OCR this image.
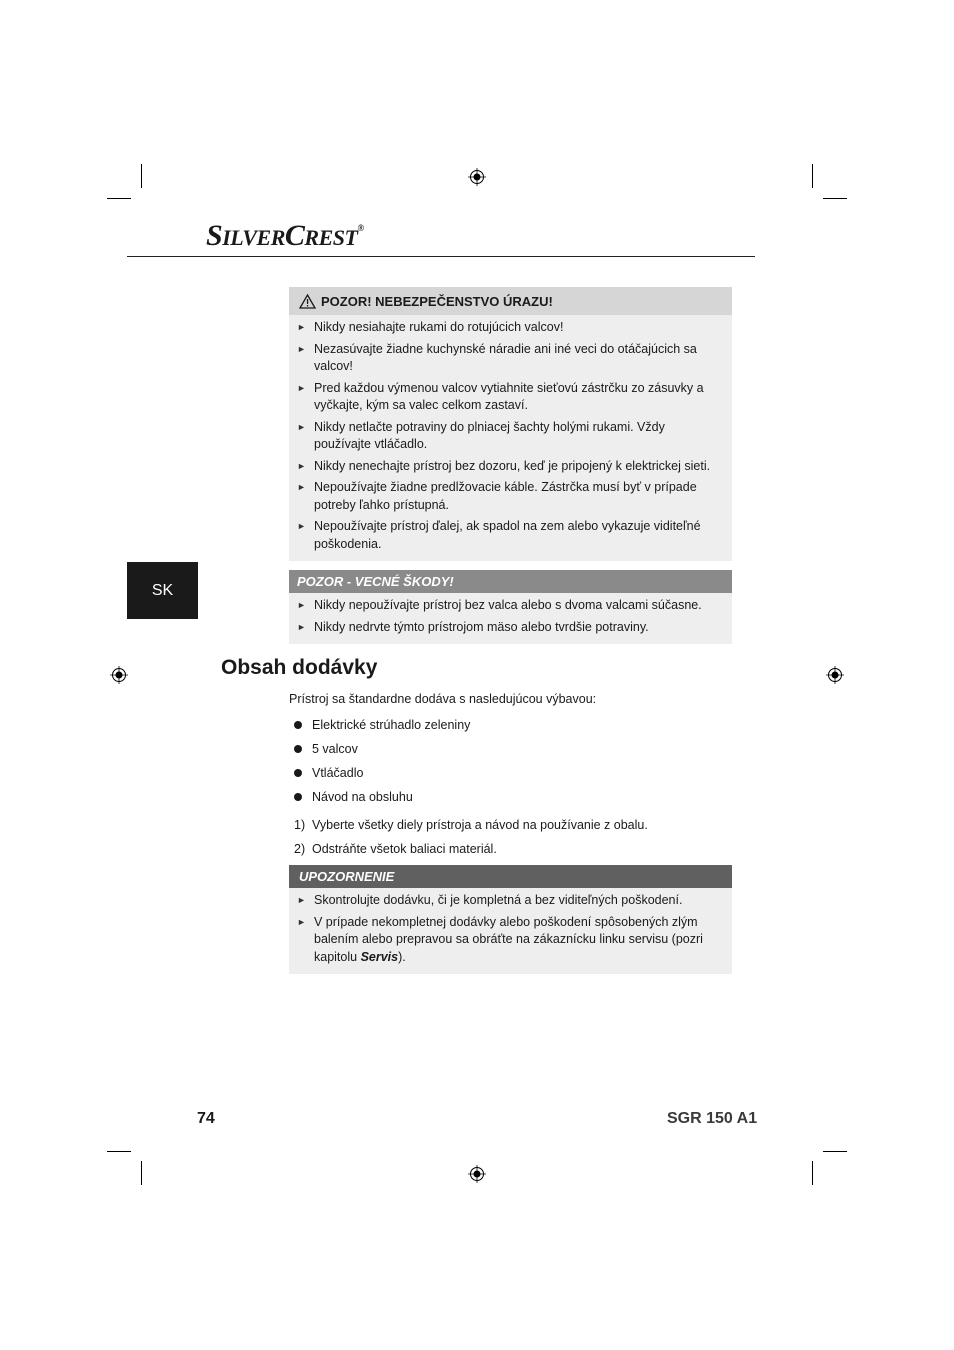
SILVERCREST®
SK
POZOR! NEBEZPEČENSTVO ÚRAZU!
► Nikdy nesiahajte rukami do rotujúcich valcov!
► Nezasúvajte žiadne kuchynské náradie ani iné veci do otáčajúcich sa valcov!
► Pred každou výmenou valcov vytiahnite sieťovú zástrčku zo zásuvky a vyčkajte, kým sa valec celkom zastaví.
► Nikdy netlačte potraviny do plniacej šachty holými rukami. Vždy používajte vtláčadlo.
► Nikdy nenechajte prístroj bez dozoru, keď je pripojený k elektrickej sieti.
► Nepoužívajte žiadne predlžovacie káble. Zástrčka musí byť v prípade potreby ľahko prístupná.
► Nepoužívajte prístroj ďalej, ak spadol na zem alebo vykazuje viditeľné poškodenia.
POZOR - VECNÉ ŠKODY!
► Nikdy nepoužívajte prístroj bez valca alebo s dvoma valcami súčasne.
► Nikdy nedrvte týmto prístrojom mäso alebo tvrdšie potraviny.
Obsah dodávky
Prístroj sa štandardne dodáva s nasledujúcou výbavou:
Elektrické strúhadlo zeleniny
5 valcov
Vtláčadlo
Návod na obsluhu
1) Vyberte všetky diely prístroja a návod na používanie z obalu.
2) Odstráňte všetok baliaci materiál.
UPOZORNENIE
► Skontrolujte dodávku, či je kompletná a bez viditeľných poškodení.
► V prípade nekompletnej dodávky alebo poškodení spôsobených zlým balením alebo prepravou sa obráťte na zákaznícku linku servisu (pozri kapitolu Servis).
74	SGR 150 A1
